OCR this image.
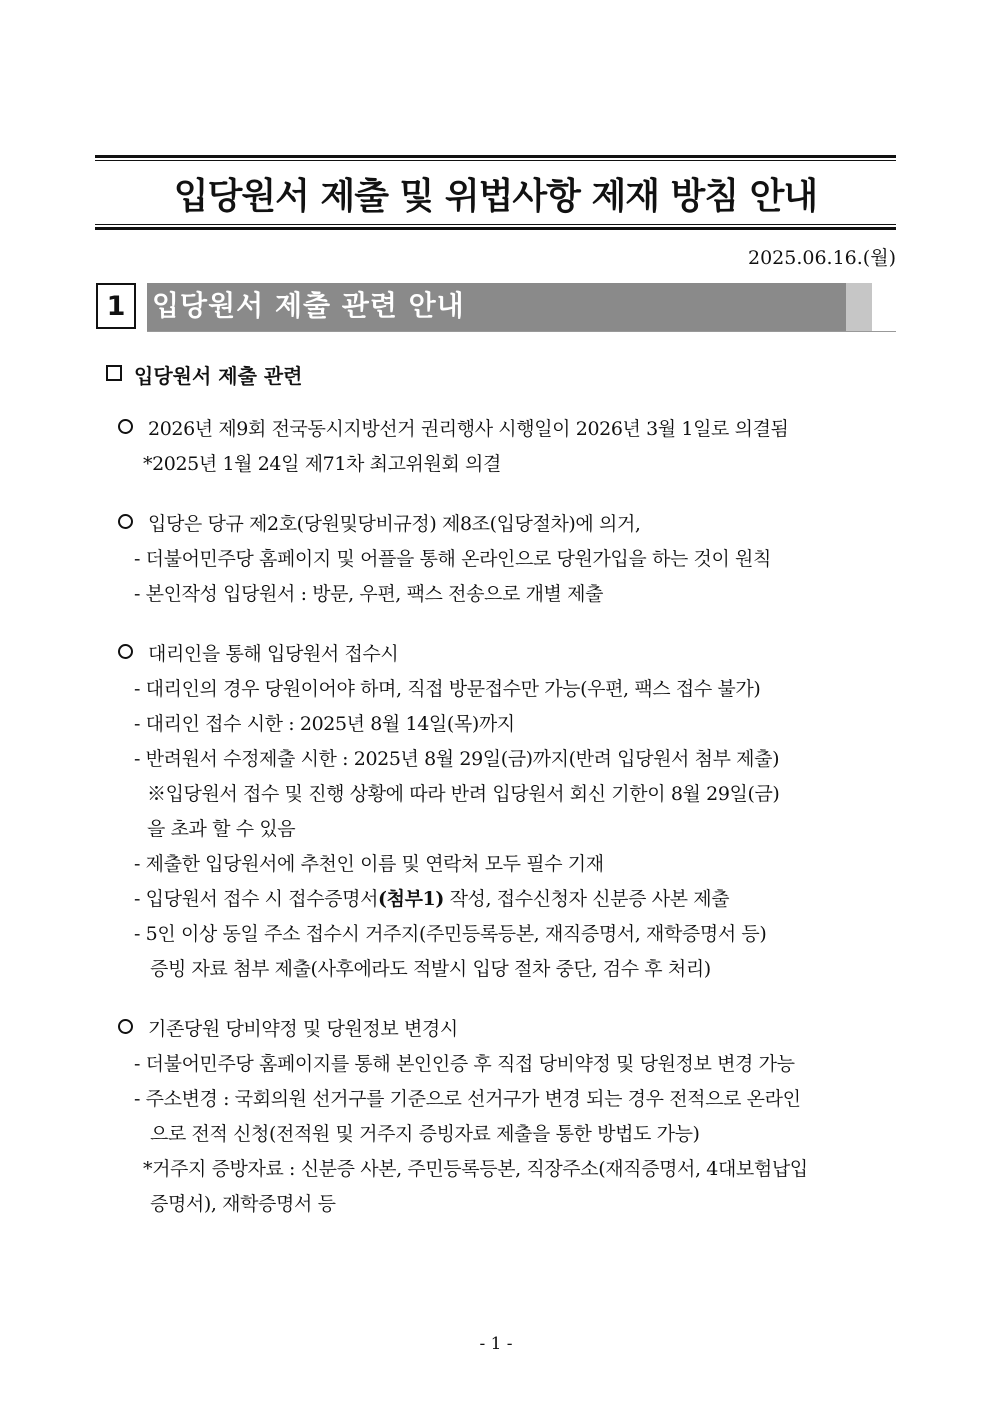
입당원서 제출 및 위법사항 제재 방침 안내
2025.06.16.(월)
1 입당원서 제출 관련 안내
입당원서 제출 관련
2026년 제9회 전국동시지방선거 권리행사 시행일이 2026년 3월 1일로 의결됨
*2025년 1월 24일 제71차 최고위원회 의결
입당은 당규 제2호(당원및당비규정) 제8조(입당절차)에 의거,
- 더불어민주당 홈페이지 및 어플을 통해 온라인으로 당원가입을 하는 것이 원칙
- 본인작성 입당원서 : 방문, 우편, 팩스 전송으로 개별 제출
대리인을 통해 입당원서 접수시
- 대리인의 경우 당원이어야 하며, 직접 방문접수만 가능(우편, 팩스 접수 불가)
- 대리인 접수 시한 : 2025년 8월 14일(목)까지
- 반려원서 수정제출 시한 : 2025년 8월 29일(금)까지(반려 입당원서 첨부 제출)
※입당원서 접수 및 진행 상황에 따라 반려 입당원서 회신 기한이 8월 29일(금)
을 초과 할 수 있음
- 제출한 입당원서에 추천인 이름 및 연락처 모두 필수 기재
- 입당원서 접수 시 접수증명서(첨부1) 작성, 접수신청자 신분증 사본 제출
- 5인 이상 동일 주소 접수시 거주지(주민등록등본, 재직증명서, 재학증명서 등)
증빙 자료 첨부 제출(사후에라도 적발시 입당 절차 중단, 검수 후 처리)
기존당원 당비약정 및 당원정보 변경시
- 더불어민주당 홈페이지를 통해 본인인증 후 직접 당비약정 및 당원정보 변경 가능
- 주소변경 : 국회의원 선거구를 기준으로 선거구가 변경 되는 경우 전적으로 온라인
으로 전적 신청(전적원 및 거주지 증빙자료 제출을 통한 방법도 가능)
*거주지 증방자료 : 신분증 사본, 주민등록등본, 직장주소(재직증명서, 4대보험납입
증명서), 재학증명서 등
- 1 -
